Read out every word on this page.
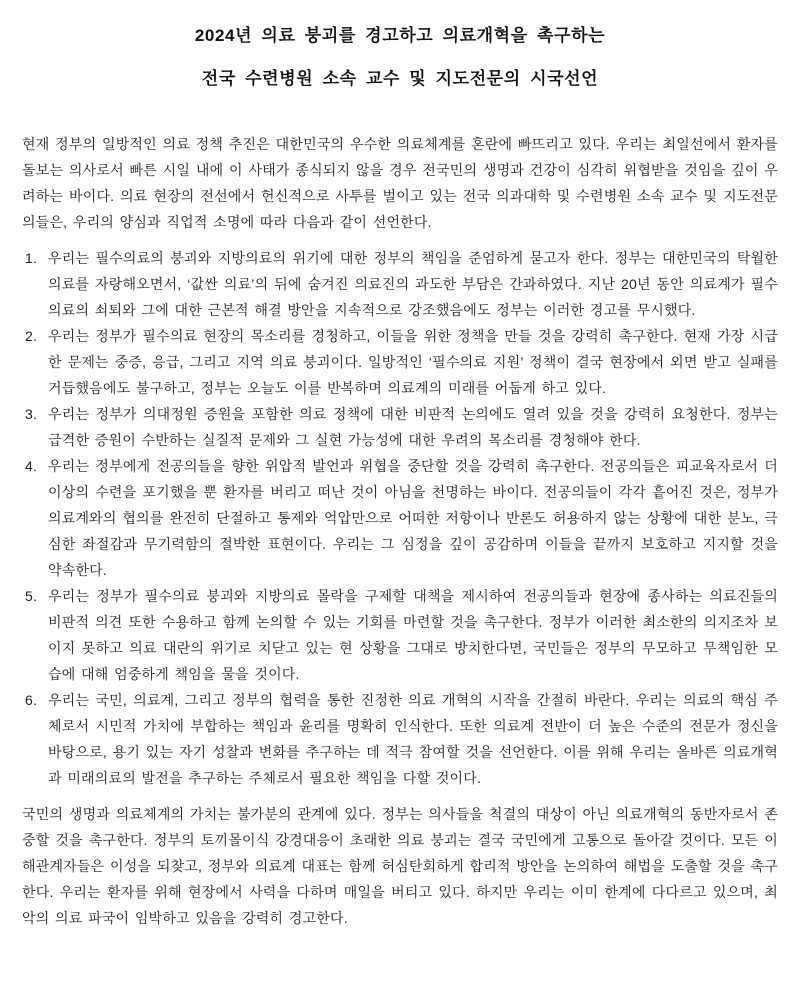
2024년 의료 붕괴를 경고하고 의료개혁을 촉구하는
전국 수련병원 소속 교수 및 지도전문의 시국선언

현재 정부의 일방적인 의료 정책 추진은 대한민국의 우수한 의료체계를 혼란에 빠뜨리고 있다. 우리는 최일선에서 환자를 돌보는 의사로서 빠른 시일 내에 이 사태가 종식되지 않을 경우 전국민의 생명과 건강이 심각히 위협받을 것임을 깊이 우려하는 바이다. 의료 현장의 전선에서 헌신적으로 사투를 벌이고 있는 전국 의과대학 및 수련병원 소속 교수 및 지도전문의들은, 우리의 양심과 직업적 소명에 따라 다음과 같이 선언한다.

1. 우리는 필수의료의 붕괴와 지방의료의 위기에 대한 정부의 책임을 준엄하게 묻고자 한다. 정부는 대한민국의 탁월한 의료를 자랑해오면서, ‘값싼 의료’의 뒤에 숨겨진 의료진의 과도한 부담은 간과하였다. 지난 20년 동안 의료계가 필수의료의 쇠퇴와 그에 대한 근본적 해결 방안을 지속적으로 강조했음에도 정부는 이러한 경고를 무시했다.
2. 우리는 정부가 필수의료 현장의 목소리를 경청하고, 이들을 위한 정책을 만들 것을 강력히 촉구한다. 현재 가장 시급한 문제는 중증, 응급, 그리고 지역 의료 붕괴이다. 일방적인 ‘필수의료 지원’ 정책이 결국 현장에서 외면 받고 실패를 거듭했음에도 불구하고, 정부는 오늘도 이를 반복하며 의료계의 미래를 어둡게 하고 있다.
3. 우리는 정부가 의대정원 증원을 포함한 의료 정책에 대한 비판적 논의에도 열려 있을 것을 강력히 요청한다. 정부는 급격한 증원이 수반하는 실질적 문제와 그 실현 가능성에 대한 우려의 목소리를 경청해야 한다.
4. 우리는 정부에게 전공의들을 향한 위압적 발언과 위협을 중단할 것을 강력히 촉구한다. 전공의들은 피교육자로서 더 이상의 수련을 포기했을 뿐 환자를 버리고 떠난 것이 아님을 천명하는 바이다. 전공의들이 각각 흩어진 것은, 정부가 의료계와의 협의를 완전히 단절하고 통제와 억압만으로 어떠한 저항이나 반론도 허용하지 않는 상황에 대한 분노, 극심한 좌절감과 무기력함의 절박한 표현이다. 우리는 그 심정을 깊이 공감하며 이들을 끝까지 보호하고 지지할 것을 약속한다.
5. 우리는 정부가 필수의료 붕괴와 지방의료 몰락을 구제할 대책을 제시하여 전공의들과 현장에 종사하는 의료진들의 비판적 의견 또한 수용하고 함께 논의할 수 있는 기회를 마련할 것을 촉구한다. 정부가 이러한 최소한의 의지조차 보이지 못하고 의료 대란의 위기로 치닫고 있는 현 상황을 그대로 방치한다면, 국민들은 정부의 무모하고 무책임한 모습에 대해 엄중하게 책임을 물을 것이다.
6. 우리는 국민, 의료계, 그리고 정부의 협력을 통한 진정한 의료 개혁의 시작을 간절히 바란다. 우리는 의료의 핵심 주체로서 시민적 가치에 부합하는 책임과 윤리를 명확히 인식한다. 또한 의료계 전반이 더 높은 수준의 전문가 정신을 바탕으로, 용기 있는 자기 성찰과 변화를 추구하는 데 적극 참여할 것을 선언한다. 이를 위해 우리는 올바른 의료개혁과 미래의료의 발전을 추구하는 주체로서 필요한 책임을 다할 것이다.

국민의 생명과 의료체계의 가치는 불가분의 관계에 있다. 정부는 의사들을 척결의 대상이 아닌 의료개혁의 동반자로서 존중할 것을 촉구한다. 정부의 토끼몰이식 강경대응이 초래한 의료 붕괴는 결국 국민에게 고통으로 돌아갈 것이다. 모든 이해관계자들은 이성을 되찾고, 정부와 의료계 대표는 함께 허심탄회하게 합리적 방안을 논의하여 해법을 도출할 것을 촉구한다. 우리는 환자를 위해 현장에서 사력을 다하며 매일을 버티고 있다. 하지만 우리는 이미 한계에 다다르고 있으며, 최악의 의료 파국이 임박하고 있음을 강력히 경고한다.
